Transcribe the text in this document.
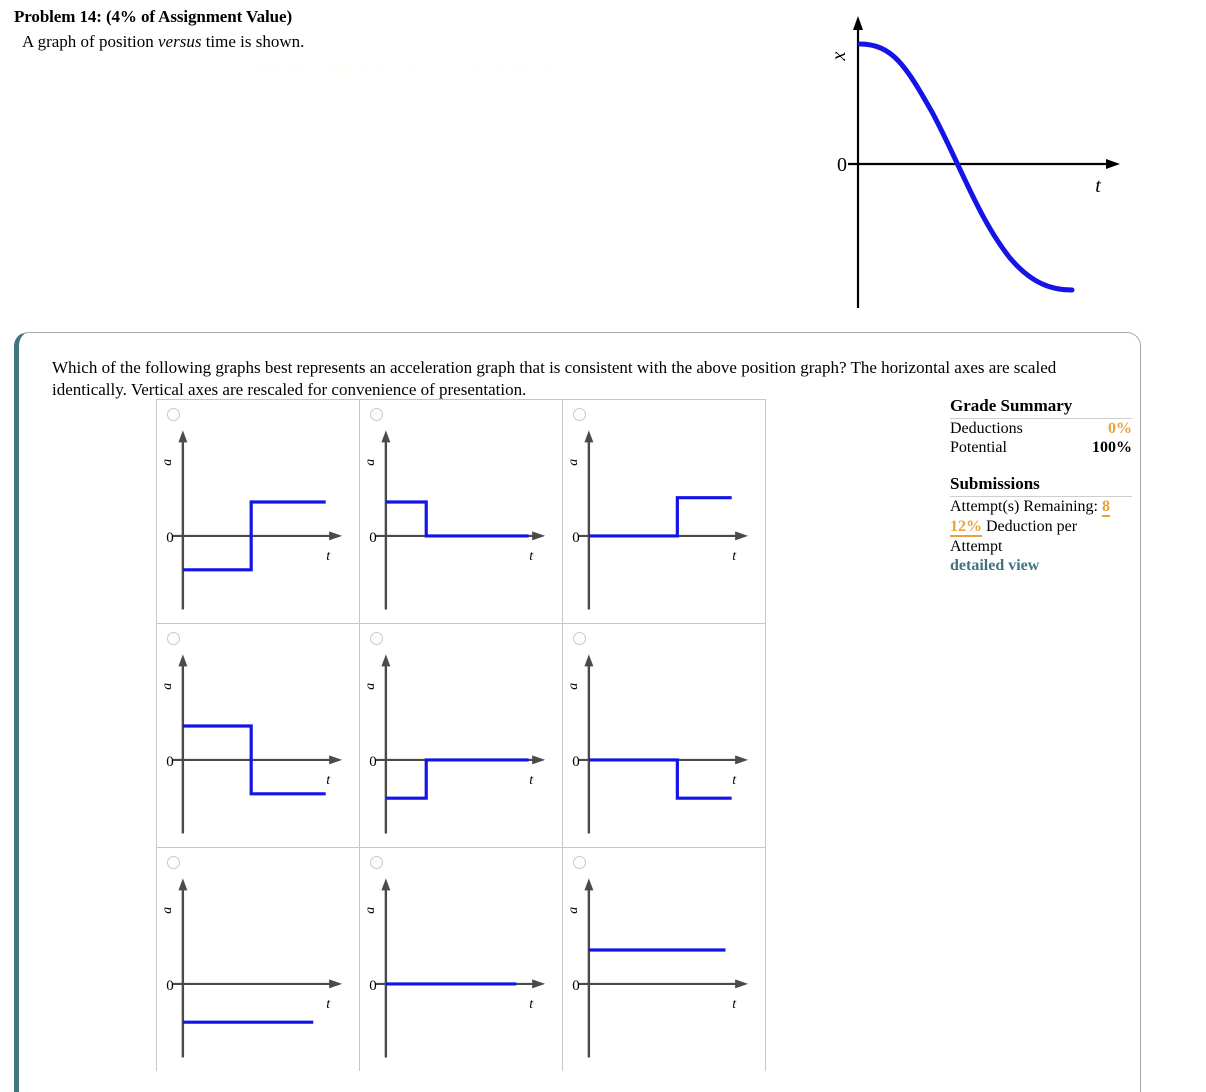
Problem 14: (4% of Assignment Value)
A graph of position versus time is shown.
jdhnson13@ggc.edu 2585-50-11=1e-4a9X-54559
0
x
t
Which of the following graphs best represents an acceleration graph that is consistent with the above position graph? The horizontal axes are scaled identically. Vertical axes are rescaled for convenience of presentation.
0
a
t
0
a
t
0
a
t
0
a
t
0
a
t
0
a
t
0
a
t
0
a
t
0
a
t
Grade Summary
Deductions	0%
Potential	100%
Submissions
Attempt(s) Remaining: 8
12% Deduction per
Attempt
detailed view
